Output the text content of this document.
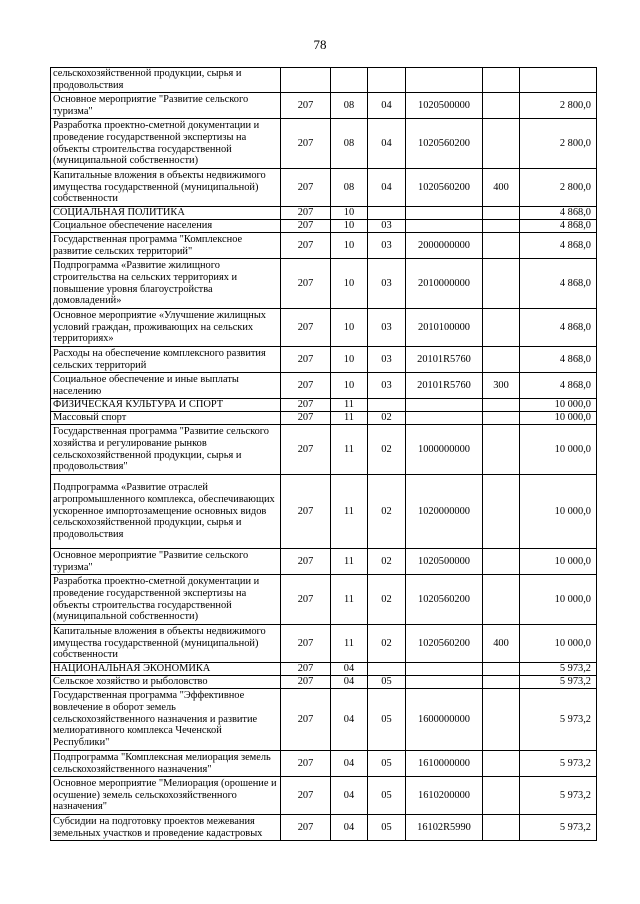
78
сельскохозяйственной продукции, сырья и продовольствия						
Основное мероприятие "Развитие сельского туризма"	207	08	04	1020500000		2 800,0
Разработка проектно-сметной документации и проведение государственной экспертизы на объекты строительства государственной (муниципальной собственности)	207	08	04	1020560200		2 800,0
Капитальные вложения в объекты недвижимого имущества государственной (муниципальной) собственности	207	08	04	1020560200	400	2 800,0
СОЦИАЛЬНАЯ ПОЛИТИКА	207	10				4 868,0
Социальное обеспечение населения	207	10	03			4 868,0
Государственная программа "Комплексное развитие сельских территорий"	207	10	03	2000000000		4 868,0
Подпрограмма «Развитие жилищного строительства на сельских территориях и повышение уровня благоустройства домовладений»	207	10	03	2010000000		4 868,0
Основное мероприятие «Улучшение жилищных условий граждан, проживающих на сельских территориях»	207	10	03	2010100000		4 868,0
Расходы на обеспечение комплексного развития сельских территорий	207	10	03	20101R5760		4 868,0
Социальное обеспечение и иные выплаты населению	207	10	03	20101R5760	300	4 868,0
ФИЗИЧЕСКАЯ КУЛЬТУРА И СПОРТ	207	11				10 000,0
Массовый спорт	207	11	02			10 000,0
Государственная программа "Развитие сельского хозяйства и регулирование рынков сельскохозяйственной продукции, сырья и продовольствия"	207	11	02	1000000000		10 000,0
Подпрограмма «Развитие отраслей агропромышленного комплекса, обеспечивающих ускоренное импортозамещение основных видов сельскохозяйственной продукции, сырья и продовольствия	207	11	02	1020000000		10 000,0
Основное мероприятие "Развитие сельского туризма"	207	11	02	1020500000		10 000,0
Разработка проектно-сметной документации и проведение государственной экспертизы на объекты строительства государственной (муниципальной собственности)	207	11	02	1020560200		10 000,0
Капитальные вложения в объекты недвижимого имущества государственной (муниципальной) собственности	207	11	02	1020560200	400	10 000,0
НАЦИОНАЛЬНАЯ ЭКОНОМИКА	207	04				5 973,2
Сельское хозяйство и рыболовство	207	04	05			5 973,2
Государственная программа "Эффективное вовлечение в оборот земель сельскохозяйственного назначения и развитие мелиоративного комплекса Чеченской Республики"	207	04	05	1600000000		5 973,2
Подпрограмма "Комплексная мелиорация земель сельскохозяйственного назначения"	207	04	05	1610000000		5 973,2
Основное мероприятие "Мелиорация (орошение и осушение) земель сельскохозяйственного назначения"	207	04	05	1610200000		5 973,2
Субсидии на подготовку проектов межевания земельных участков и проведение кадастровых	207	04	05	16102R5990		5 973,2
